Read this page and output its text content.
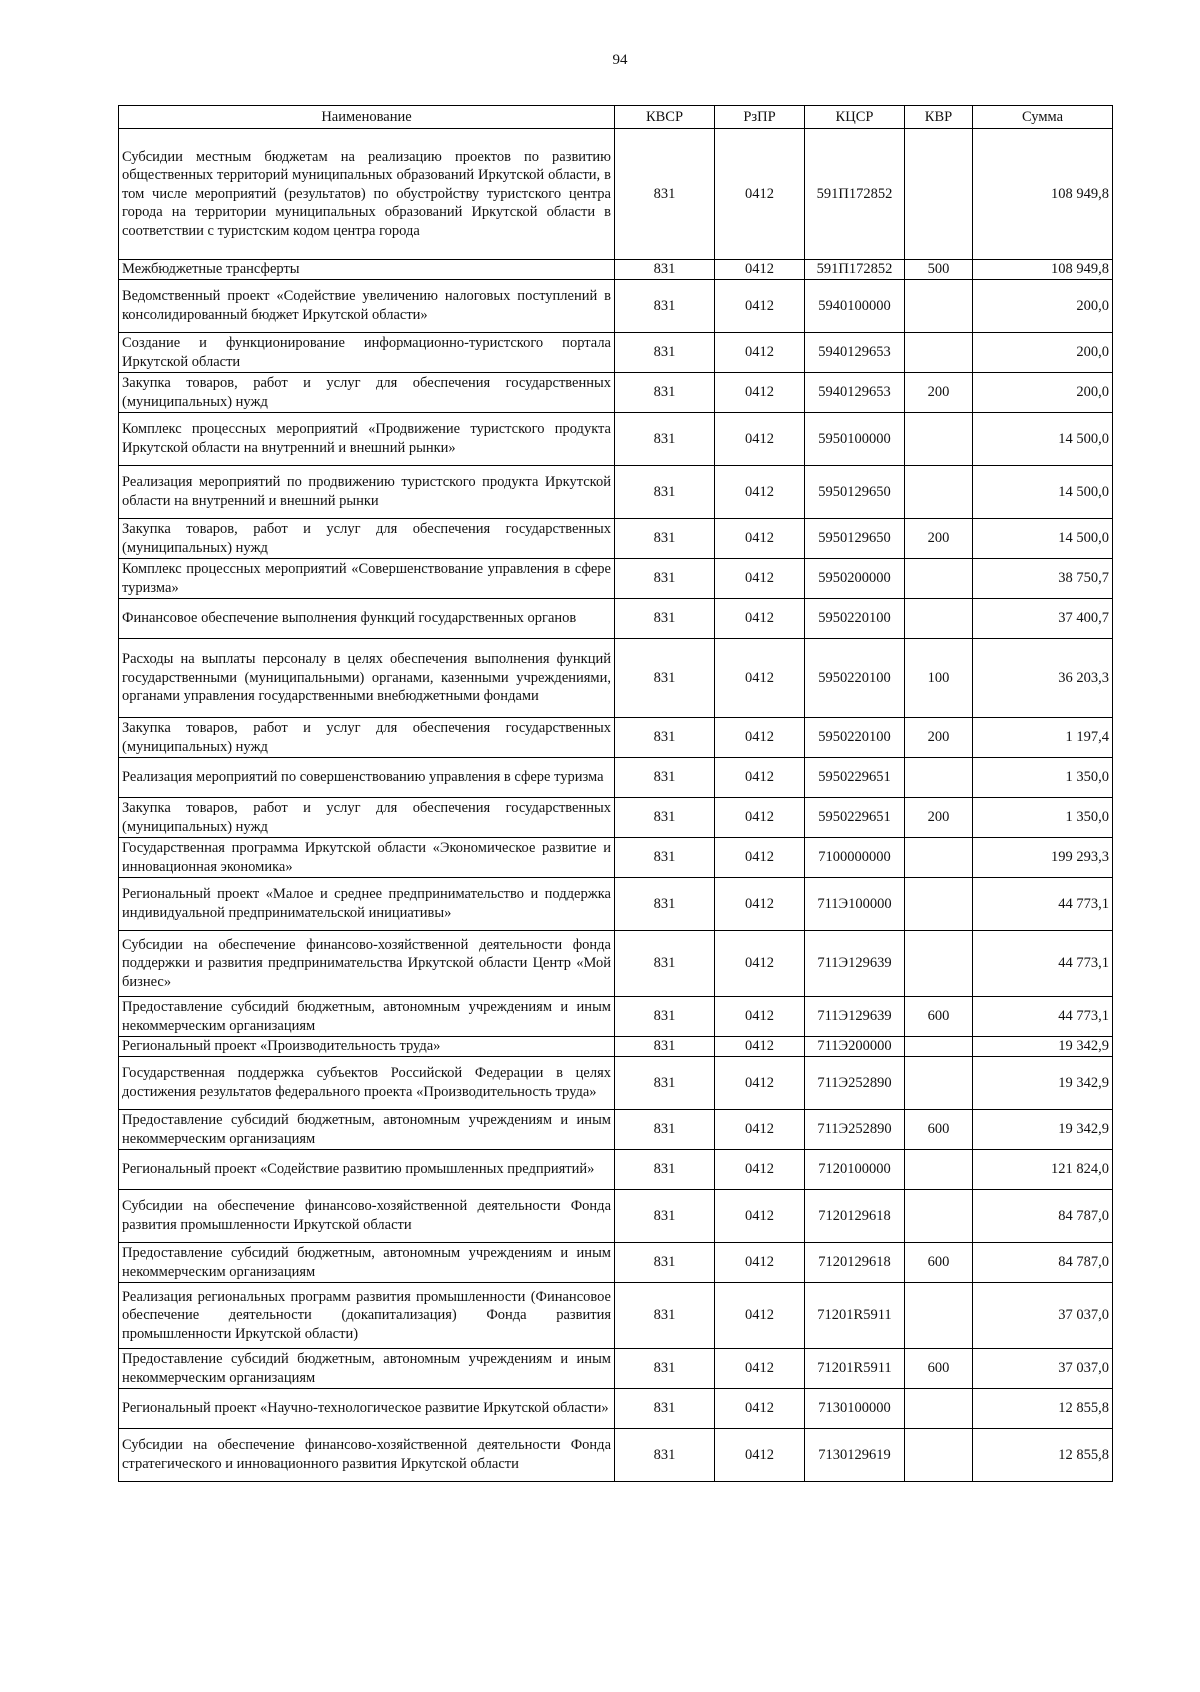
94
Наименование	КВСР	РзПР	КЦСР	КВР	Сумма
Субсидии местным бюджетам на реализацию проектов по развитию общественных территорий муниципальных образований Иркутской области, в том числе мероприятий (результатов) по обустройству туристского центра города на территории муниципальных образований Иркутской области в соответствии с туристским кодом центра города	831	0412	591П172852		108 949,8
Межбюджетные трансферты	831	0412	591П172852	500	108 949,8
Ведомственный проект «Содействие увеличению налоговых поступлений в консолидированный бюджет Иркутской области»	831	0412	5940100000		200,0
Создание и функционирование информационно-туристского портала Иркутской области	831	0412	5940129653		200,0
Закупка товаров, работ и услуг для обеспечения государственных (муниципальных) нужд	831	0412	5940129653	200	200,0
Комплекс процессных мероприятий «Продвижение туристского продукта Иркутской области на внутренний и внешний рынки»	831	0412	5950100000		14 500,0
Реализация мероприятий по продвижению туристского продукта Иркутской области на внутренний и внешний рынки	831	0412	5950129650		14 500,0
Закупка товаров, работ и услуг для обеспечения государственных (муниципальных) нужд	831	0412	5950129650	200	14 500,0
Комплекс процессных мероприятий «Совершенствование управления в сфере туризма»	831	0412	5950200000		38 750,7
Финансовое обеспечение выполнения функций государственных органов	831	0412	5950220100		37 400,7
Расходы на выплаты персоналу в целях обеспечения выполнения функций государственными (муниципальными) органами, казенными учреждениями, органами управления государственными внебюджетными фондами	831	0412	5950220100	100	36 203,3
Закупка товаров, работ и услуг для обеспечения государственных (муниципальных) нужд	831	0412	5950220100	200	1 197,4
Реализация мероприятий по совершенствованию управления в сфере туризма	831	0412	5950229651		1 350,0
Закупка товаров, работ и услуг для обеспечения государственных (муниципальных) нужд	831	0412	5950229651	200	1 350,0
Государственная программа Иркутской области «Экономическое развитие и инновационная экономика»	831	0412	7100000000		199 293,3
Региональный проект «Малое и среднее предпринимательство и поддержка индивидуальной предпринимательской инициативы»	831	0412	711Э100000		44 773,1
Субсидии на обеспечение финансово-хозяйственной деятельности фонда поддержки и развития предпринимательства Иркутской области Центр «Мой бизнес»	831	0412	711Э129639		44 773,1
Предоставление субсидий бюджетным, автономным учреждениям и иным некоммерческим организациям	831	0412	711Э129639	600	44 773,1
Региональный проект «Производительность труда»	831	0412	711Э200000		19 342,9
Государственная поддержка субъектов Российской Федерации в целях достижения результатов федерального проекта «Производительность труда»	831	0412	711Э252890		19 342,9
Предоставление субсидий бюджетным, автономным учреждениям и иным некоммерческим организациям	831	0412	711Э252890	600	19 342,9
Региональный проект «Содействие развитию промышленных предприятий»	831	0412	7120100000		121 824,0
Субсидии на обеспечение финансово-хозяйственной деятельности Фонда развития промышленности Иркутской области	831	0412	7120129618		84 787,0
Предоставление субсидий бюджетным, автономным учреждениям и иным некоммерческим организациям	831	0412	7120129618	600	84 787,0
Реализация региональных программ развития промышленности (Финансовое обеспечение деятельности (докапитализация) Фонда развития промышленности Иркутской области)	831	0412	71201R5911		37 037,0
Предоставление субсидий бюджетным, автономным учреждениям и иным некоммерческим организациям	831	0412	71201R5911	600	37 037,0
Региональный проект «Научно-технологическое развитие Иркутской области»	831	0412	7130100000		12 855,8
Субсидии на обеспечение финансово-хозяйственной деятельности Фонда стратегического и инновационного развития Иркутской области	831	0412	7130129619		12 855,8
